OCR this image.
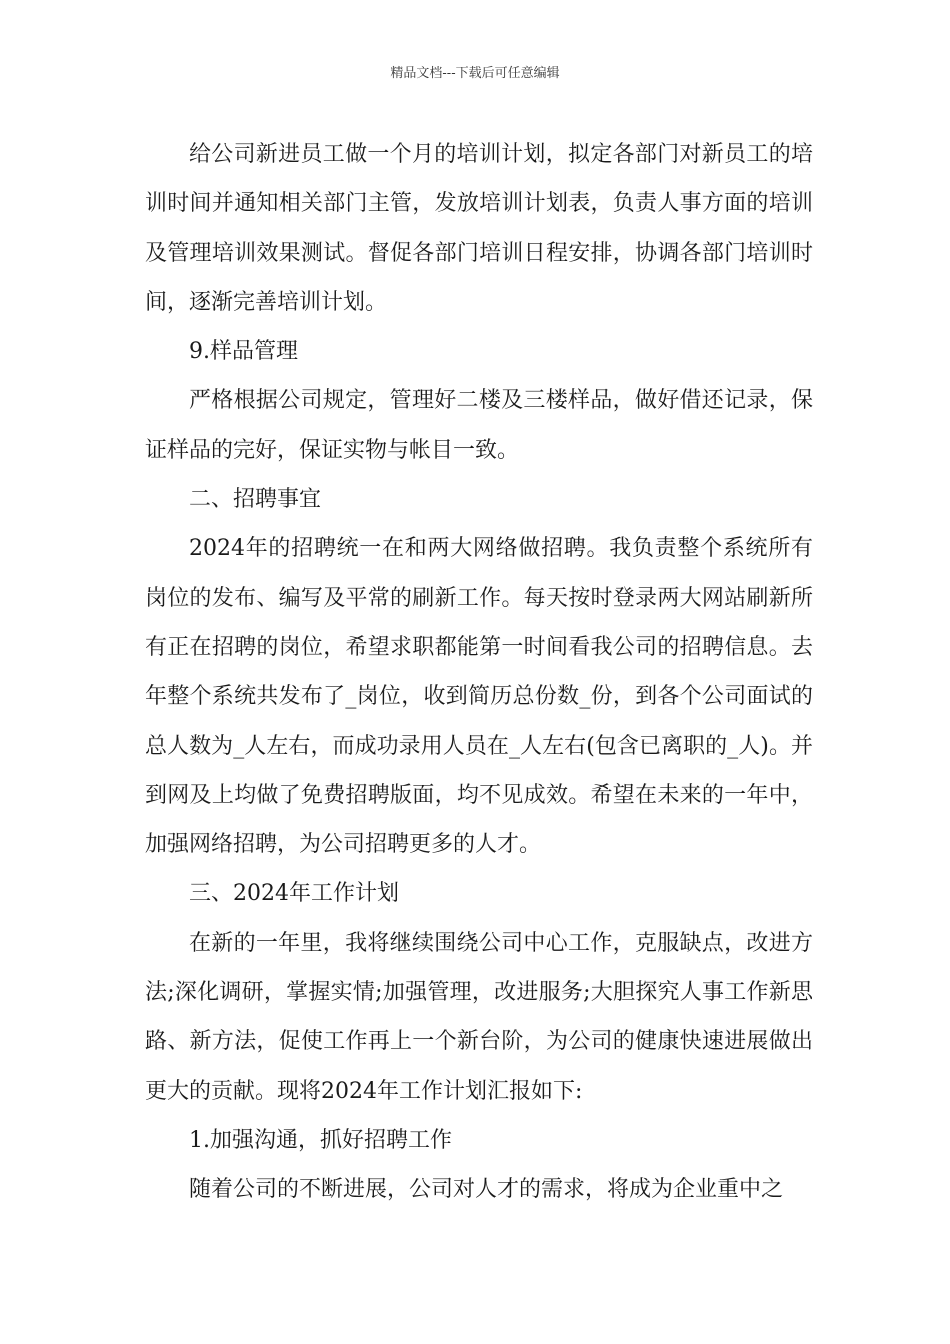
精品文档---下载后可任意编辑

给公司新进员工做一个月的培训计划，拟定各部门对新员工的培训时间并通知相关部门主管，发放培训计划表，负责人事方面的培训及管理培训效果测试。督促各部门培训日程安排，协调各部门培训时间，逐渐完善培训计划。

9.样品管理

严格根据公司规定，管理好二楼及三楼样品，做好借还记录，保证样品的完好，保证实物与帐目一致。

二、招聘事宜

2024年的招聘统一在和两大网络做招聘。我负责整个系统所有岗位的发布、编写及平常的刷新工作。每天按时登录两大网站刷新所有正在招聘的岗位，希望求职都能第一时间看我公司的招聘信息。去年整个系统共发布了_岗位，收到简历总份数_份，到各个公司面试的总人数为_人左右，而成功录用人员在_人左右(包含已离职的_人)。并到网及上均做了免费招聘版面，均不见成效。希望在未来的一年中，加强网络招聘，为公司招聘更多的人才。

三、2024年工作计划

在新的一年里，我将继续围绕公司中心工作，克服缺点，改进方法;深化调研，掌握实情;加强管理，改进服务;大胆探究人事工作新思路、新方法，促使工作再上一个新台阶，为公司的健康快速进展做出更大的贡献。现将2024年工作计划汇报如下:

1.加强沟通，抓好招聘工作

随着公司的不断进展，公司对人才的需求，将成为企业重中之
